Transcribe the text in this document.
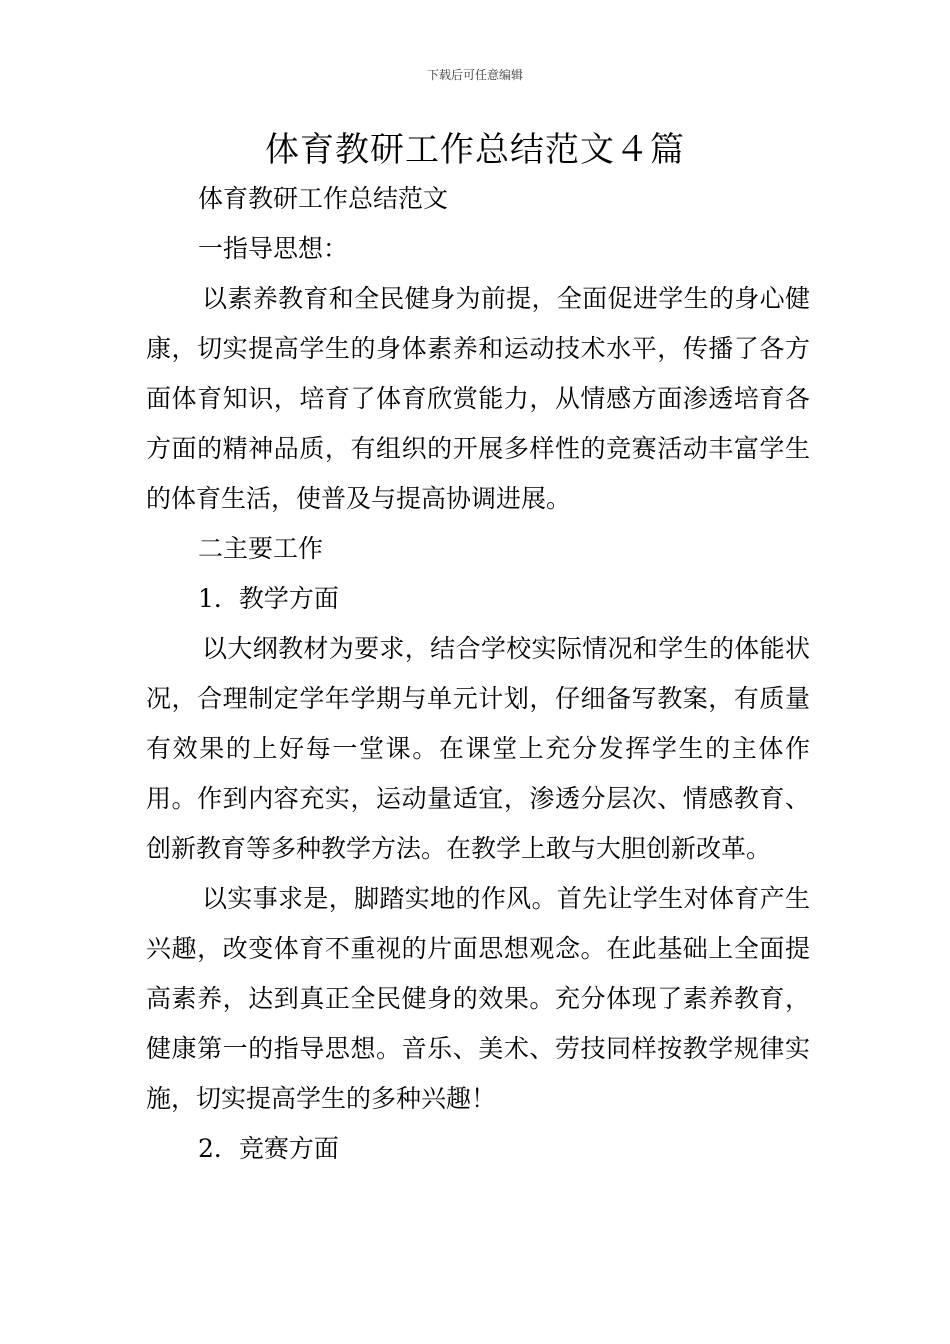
下载后可任意编辑
体育教研工作总结范文４篇

体育教研工作总结范文

一指导思想：

以素养教育和全民健身为前提，全面促进学生的身心健康，切实提高学生的身体素养和运动技术水平，传播了各方面体育知识，培育了体育欣赏能力，从情感方面渗透培育各方面的精神品质，有组织的开展多样性的竞赛活动丰富学生的体育生活，使普及与提高协调进展。

二主要工作

1．教学方面

以大纲教材为要求，结合学校实际情况和学生的体能状况，合理制定学年学期与单元计划，仔细备写教案，有质量有效果的上好每一堂课。在课堂上充分发挥学生的主体作用。作到内容充实，运动量适宜，渗透分层次、情感教育、创新教育等多种教学方法。在教学上敢与大胆创新改革。

以实事求是，脚踏实地的作风。首先让学生对体育产生兴趣，改变体育不重视的片面思想观念。在此基础上全面提高素养，达到真正全民健身的效果。充分体现了素养教育，健康第一的指导思想。音乐、美术、劳技同样按教学规律实施，切实提高学生的多种兴趣！

2．竞赛方面
